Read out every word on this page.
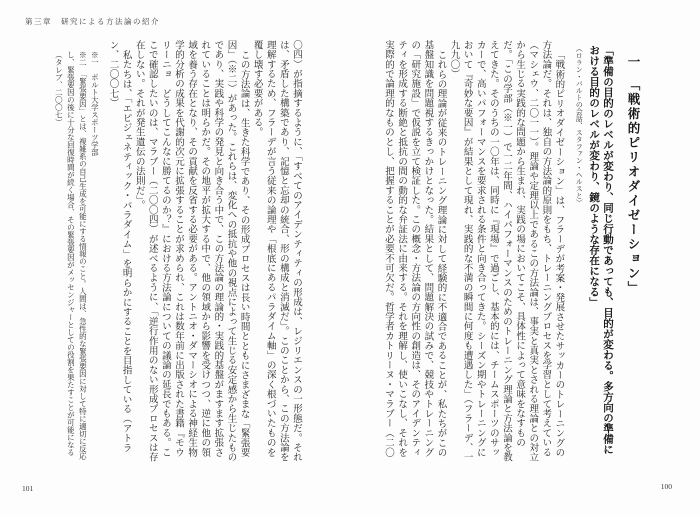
第三章　研究による方法論の紹介

〇四）が指摘するように、「すべてのアイデンティティの形成は、レジリエンスの一形態だ。それは、矛盾した構築であり、記憶と忘却の統合、形の構成と消滅だ」。このことから、この方法論を理解するため、フラーデが言う従来の論理や「根底にあるパラダイム軸」の深く根づいたものを覆し壊す必要がある。

この方法論は、生きた科学であり、その形成プロセスは長い時間とともにさまざまな「緊張要因」（※二）があった。これらは、変化への抵抗や他の視点によって生じる安定感から生じたものであり、実践や科学の発見と向き合う中で、この方法論の理論的・実践的基盤がますます拡張されていることは明らかだ。その地平が拡大する中で、他の領域から影響を受けつつ、逆に他の領域を養う存在となり、その貢献を反省する必要がある。アントニオ・ダマーシオによる神経生物学的分析の成果を代謝的次元に拡張することが求められ、これは数年前に出版された書籍『モウリーニョ　どうしてこんなに勝てるのか？』における方法論についての議論の延長でもある。ここで確認したいのは、マラブー（二〇〇四）が述べるように、「逆行作用のない形成プロセスは存在しない。それが発生遺伝の法則だ」。

私たちは、「エピジェネティック・パラダイム」を明らかにすることを目指している（アトラン、二〇〇七）

※一　ポルト大学スポーツ学部

※二　「緊張要因」とは、複雑系の自己生成を可能にする情報のこと。人間は、急性的な緊張要因に対して特に適切に反応し、緊張要因の後に十分な回復時間が続く場合、その緊張要因がメッセンジャーとしての役割を果たすことが可能になる（タレブ、二〇〇七）

101
一　「戦術的ピリオダイゼーション」
「準備の目的のレベルが変わり、同じ行動であっても、目的が変わる。多方向の準備における目的のレベルが変わり、鏡のような存在になる」（ロラン・バルトの会話、スタファン・ヘルスと）

「戦術的ピリオダイゼーション」は、フラーデが考案・発展させたサッカーのトレーニングの方法論だ。それは、独自の方法論的原則をもち、トレーニングプロセスを学習として考えている（マシェウ、二〇一一）。理論や定理以上であるこの方法論は、事実と真実とされる理論との対立から生じる実践的な問題から生まれ、実践の場においてこそ、具体性によって意味をなすものだ。「この学部（※一）で一二年間、ハイパフォーマンスのためのトレーニング理論と方法論を教えてきた。そのうちの一〇年は、同時に『現場』で過ごし、基本的には、チームスポーツのサッカーで、高いパフォーマンスを要求される条件と向き合ってきた。シーズン期やトレーニングにおいて『奇妙な要因』が結果として現れ、実践的な不満の瞬間に何度も遭遇した」（フラーデ、一九九〇）

これらの理論が従来のトレーニング理論に対して経験的に不適合であることが、私たちがこの基盤知識を問題視するきっかけとなった。結果として、問題解決の試みで、競技やトレーニングの「研究施設」で仮説を立て検証した。この概念・方法論の方向性の創造は、そのアイデンティティを形成する断絶と抵抗の間の動的な弁証法に由来する。それを理解し、使いこなし、それを実際的で論理的なものとし、把握することが必要不可欠だ。哲学者カトリーヌ・マラブー（二〇

100
